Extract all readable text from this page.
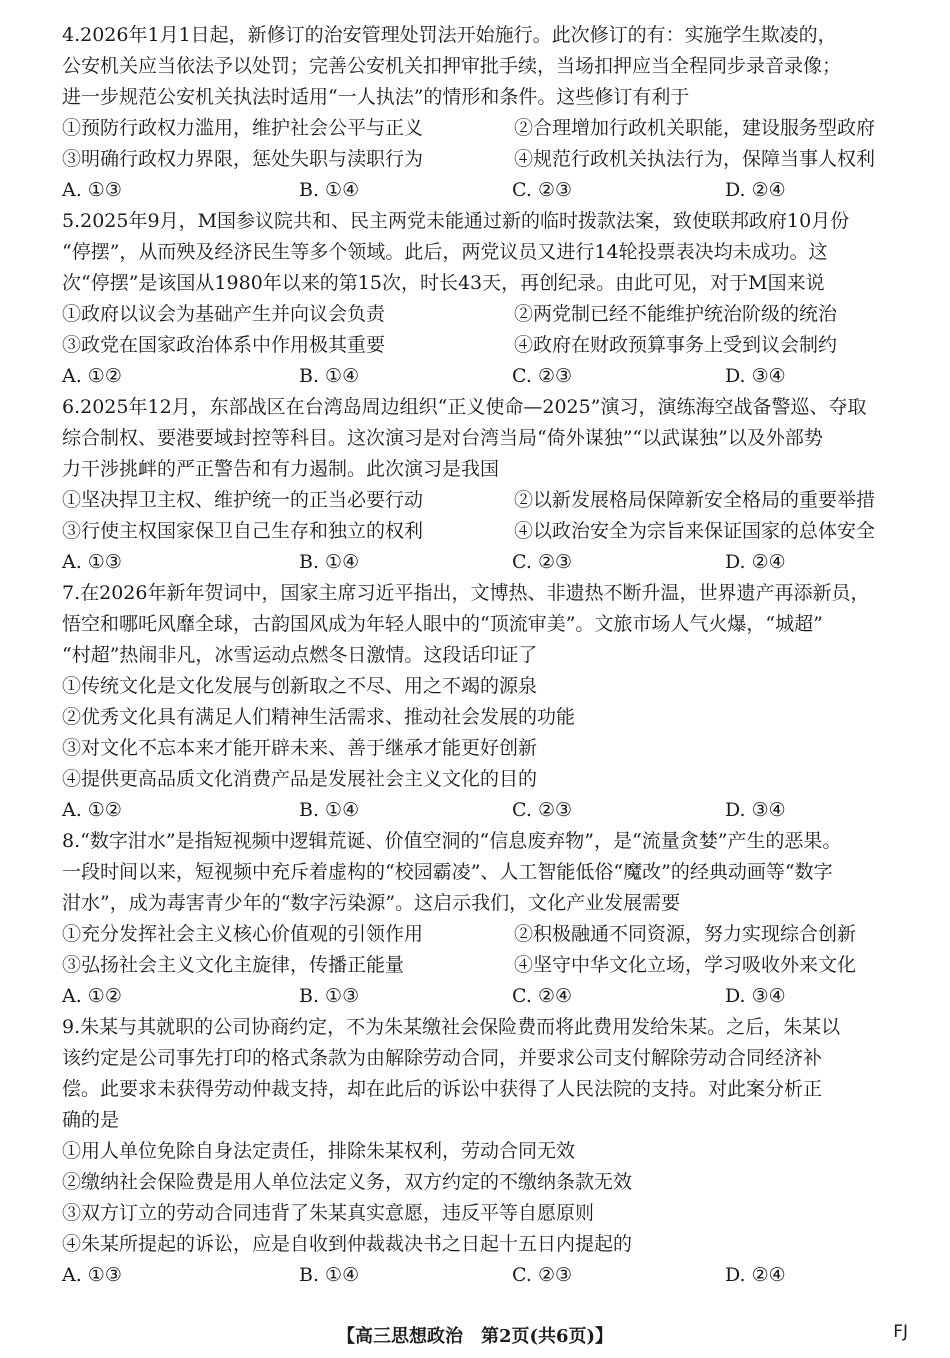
4.2026年1月1日起，新修订的治安管理处罚法开始施行。此次修订的有：实施学生欺凌的，
公安机关应当依法予以处罚；完善公安机关扣押审批手续，当场扣押应当全程同步录音录像；
进一步规范公安机关执法时适用“一人执法”的情形和条件。这些修订有利于
①预防行政权力滥用，维护社会公平与正义	②合理增加行政机关职能，建设服务型政府
③明确行政权力界限，惩处失职与渎职行为	④规范行政机关执法行为，保障当事人权利
A. ①③	B. ①④	C. ②③	D. ②④
5.2025年9月，M国参议院共和、民主两党未能通过新的临时拨款法案，致使联邦政府10月份
“停摆”，从而殃及经济民生等多个领域。此后，两党议员又进行14轮投票表决均未成功。这
次“停摆”是该国从1980年以来的第15次，时长43天，再创纪录。由此可见，对于M国来说
①政府以议会为基础产生并向议会负责	②两党制已经不能维护统治阶级的统治
③政党在国家政治体系中作用极其重要	④政府在财政预算事务上受到议会制约
A. ①②	B. ①④	C. ②③	D. ③④
6.2025年12月，东部战区在台湾岛周边组织“正义使命—2025”演习，演练海空战备警巡、夺取
综合制权、要港要域封控等科目。这次演习是对台湾当局“倚外谋独”“以武谋独”以及外部势
力干涉挑衅的严正警告和有力遏制。此次演习是我国
①坚决捍卫主权、维护统一的正当必要行动	②以新发展格局保障新安全格局的重要举措
③行使主权国家保卫自己生存和独立的权利	④以政治安全为宗旨来保证国家的总体安全
A. ①③	B. ①④	C. ②③	D. ②④
7.在2026年新年贺词中，国家主席习近平指出，文博热、非遗热不断升温，世界遗产再添新员，
悟空和哪吒风靡全球，古韵国风成为年轻人眼中的“顶流审美”。文旅市场人气火爆，“城超”
“村超”热闹非凡，冰雪运动点燃冬日激情。这段话印证了
①传统文化是文化发展与创新取之不尽、用之不竭的源泉
②优秀文化具有满足人们精神生活需求、推动社会发展的功能
③对文化不忘本来才能开辟未来、善于继承才能更好创新
④提供更高品质文化消费产品是发展社会主义文化的目的
A. ①②	B. ①④	C. ②③	D. ③④
8.“数字泔水”是指短视频中逻辑荒诞、价值空洞的“信息废弃物”，是“流量贪婪”产生的恶果。
一段时间以来，短视频中充斥着虚构的“校园霸凌”、人工智能低俗“魔改”的经典动画等“数字
泔水”，成为毒害青少年的“数字污染源”。这启示我们，文化产业发展需要
①充分发挥社会主义核心价值观的引领作用	②积极融通不同资源，努力实现综合创新
③弘扬社会主义文化主旋律，传播正能量	④坚守中华文化立场，学习吸收外来文化
A. ①②	B. ①③	C. ②④	D. ③④
9.朱某与其就职的公司协商约定，不为朱某缴社会保险费而将此费用发给朱某。之后，朱某以
该约定是公司事先打印的格式条款为由解除劳动合同，并要求公司支付解除劳动合同经济补
偿。此要求未获得劳动仲裁支持，却在此后的诉讼中获得了人民法院的支持。对此案分析正
确的是
①用人单位免除自身法定责任，排除朱某权利，劳动合同无效
②缴纳社会保险费是用人单位法定义务，双方约定的不缴纳条款无效
③双方订立的劳动合同违背了朱某真实意愿，违反平等自愿原则
④朱某所提起的诉讼，应是自收到仲裁裁决书之日起十五日内提起的
A. ①③	B. ①④	C. ②③	D. ②④
【高三思想政治　第2页(共6页)】	FJ
